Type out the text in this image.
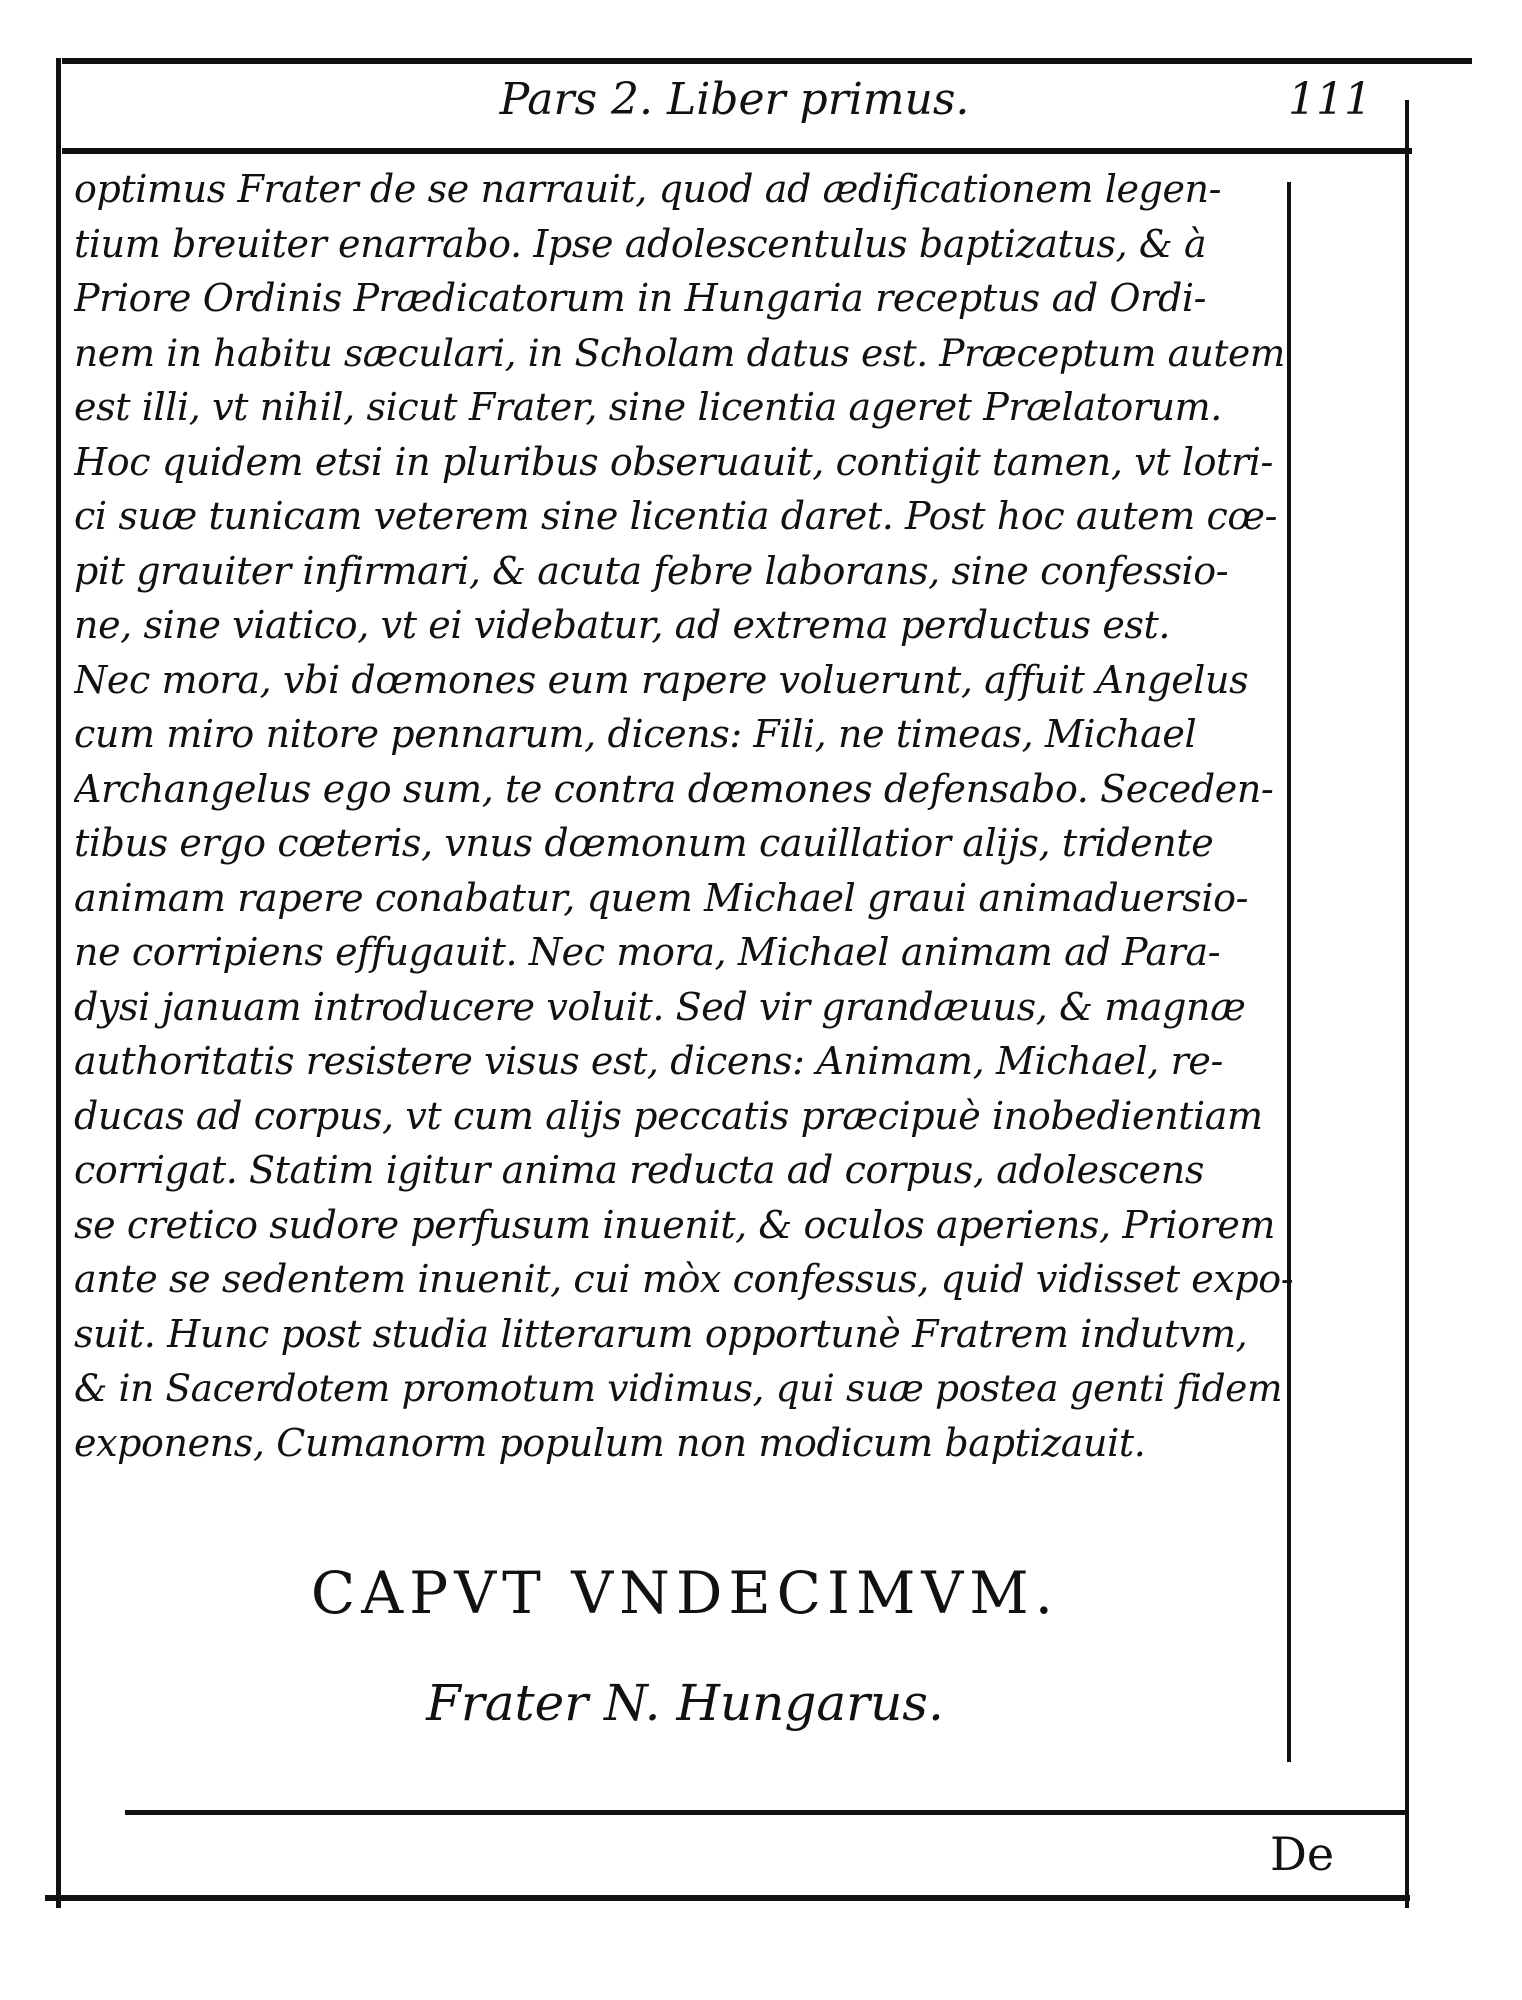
Pars 2. Liber primus.	111
optimus Frater de se narrauit, quod ad ædificationem legen-
tium breuiter enarrabo. Ipse adolescentulus baptizatus, & à
Priore Ordinis Prædicatorum in Hungaria receptus ad Ordi-
nem in habitu sæculari, in Scholam datus est. Præceptum autem
est illi, vt nihil, sicut Frater, sine licentia ageret Prælatorum.
Hoc quidem etsi in pluribus obseruauit, contigit tamen, vt lotri-
ci suæ tunicam veterem sine licentia daret. Post hoc autem cœ-
pit grauiter infirmari, & acuta febre laborans, sine confessio-
ne, sine viatico, vt ei videbatur, ad extrema perductus est.
Nec mora, vbi dœmones eum rapere voluerunt, affuit Angelus
cum miro nitore pennarum, dicens: Fili, ne timeas, Michael
Archangelus ego sum, te contra dœmones defensabo. Seceden-
tibus ergo cœteris, vnus dœmonum cauillatior alijs, tridente
animam rapere conabatur, quem Michael graui animaduersio-
ne corripiens effugauit. Nec mora, Michael animam ad Para-
dysi januam introducere voluit. Sed vir grandæuus, & magnæ
authoritatis resistere visus est, dicens: Animam, Michael, re-
ducas ad corpus, vt cum alijs peccatis præcipuè inobedientiam
corrigat. Statim igitur anima reducta ad corpus, adolescens
se cretico sudore perfusum inuenit, & oculos aperiens, Priorem
ante se sedentem inuenit, cui mòx confessus, quid vidisset expo-
suit. Hunc post studia litterarum opportunè Fratrem indutvm,
& in Sacerdotem promotum vidimus, qui suæ postea genti fidem
exponens, Cumanorm populum non modicum baptizauit.
CAPVT VNDECIMVM.
Frater N. Hungarus.
De
